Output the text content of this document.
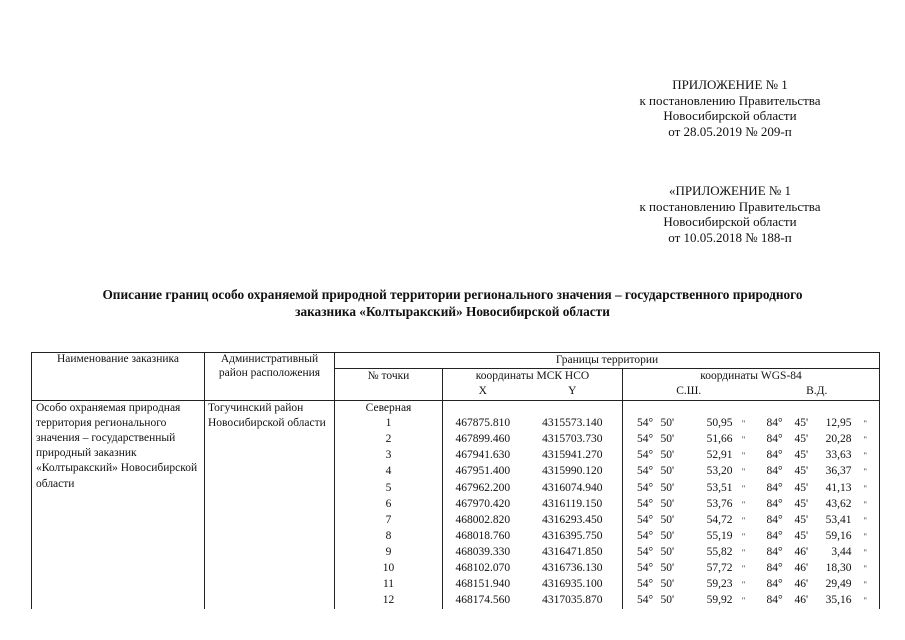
ПРИЛОЖЕНИЕ № 1
к постановлению Правительства
Новосибирской области
от 28.05.2019 № 209-п
«ПРИЛОЖЕНИЕ № 1
к постановлению Правительства
Новосибирской области
от 10.05.2018 № 188-п
Описание границ особо охраняемой природной территории регионального значения – государственного природного
заказника «Колтыракский» Новосибирской области
Наименование заказника	Административный район расположения	Границы территории										
		№ точки	координаты МСК НСО		координаты WGS-84							
			X	Y	С.Ш.				В.Д.			
Особо охраняемая природная территория регионального значения – государственный природный заказник «Колтыракский» Новосибирской области	Тогучинский район Новосибирской области	Северная										
		1	467875.810	4315573.140	54°	50'	50,95	"	84°	45'	12,95	"
		2	467899.460	4315703.730	54°	50'	51,66	"	84°	45'	20,28	"
		3	467941.630	4315941.270	54°	50'	52,91	"	84°	45'	33,63	"
		4	467951.400	4315990.120	54°	50'	53,20	"	84°	45'	36,37	"
		5	467962.200	4316074.940	54°	50'	53,51	"	84°	45'	41,13	"
		6	467970.420	4316119.150	54°	50'	53,76	"	84°	45'	43,62	"
		7	468002.820	4316293.450	54°	50'	54,72	"	84°	45'	53,41	"
		8	468018.760	4316395.750	54°	50'	55,19	"	84°	45'	59,16	"
		9	468039.330	4316471.850	54°	50'	55,82	"	84°	46'	3,44	"
		10	468102.070	4316736.130	54°	50'	57,72	"	84°	46'	18,30	"
		11	468151.940	4316935.100	54°	50'	59,23	"	84°	46'	29,49	"
		12	468174.560	4317035.870	54°	50'	59,92	"	84°	46'	35,16	"
